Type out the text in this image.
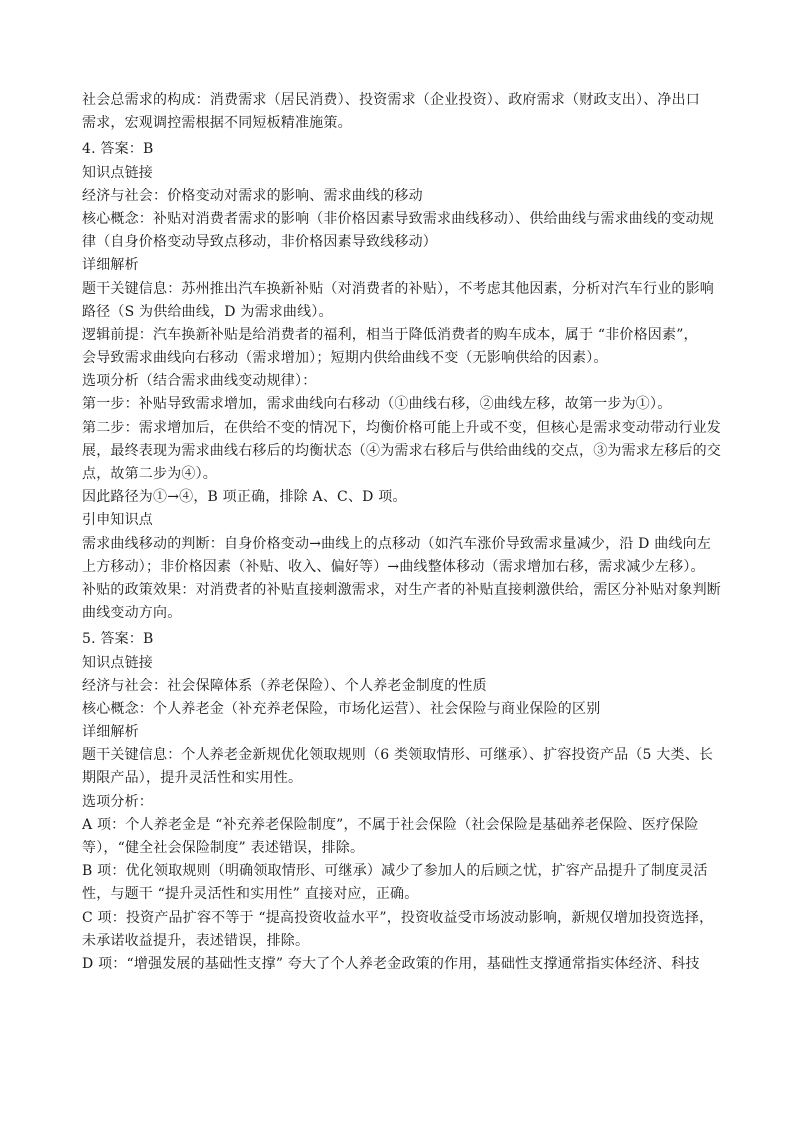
社会总需求的构成：消费需求（居民消费）、投资需求（企业投资）、政府需求（财政支出）、净出口
需求，宏观调控需根据不同短板精准施策。
4. 答案：B
知识点链接
经济与社会：价格变动对需求的影响、需求曲线的移动
核心概念：补贴对消费者需求的影响（非价格因素导致需求曲线移动）、供给曲线与需求曲线的变动规
律（自身价格变动导致点移动，非价格因素导致线移动）
详细解析
题干关键信息：苏州推出汽车换新补贴（对消费者的补贴），不考虑其他因素，分析对汽车行业的影响
路径（S 为供给曲线，D 为需求曲线）。
逻辑前提：汽车换新补贴是给消费者的福利，相当于降低消费者的购车成本，属于 “非价格因素”，
会导致需求曲线向右移动（需求增加）；短期内供给曲线不变（无影响供给的因素）。
选项分析（结合需求曲线变动规律）：
第一步：补贴导致需求增加，需求曲线向右移动（①曲线右移，②曲线左移，故第一步为①）。
第二步：需求增加后，在供给不变的情况下，均衡价格可能上升或不变，但核心是需求变动带动行业发
展，最终表现为需求曲线右移后的均衡状态（④为需求右移后与供给曲线的交点，③为需求左移后的交
点，故第二步为④）。
因此路径为①→④，B 项正确，排除 A、C、D 项。
引申知识点
需求曲线移动的判断：自身价格变动→曲线上的点移动（如汽车涨价导致需求量减少，沿 D 曲线向左
上方移动）；非价格因素（补贴、收入、偏好等）→曲线整体移动（需求增加右移，需求减少左移）。
补贴的政策效果：对消费者的补贴直接刺激需求，对生产者的补贴直接刺激供给，需区分补贴对象判断
曲线变动方向。
5. 答案：B
知识点链接
经济与社会：社会保障体系（养老保险）、个人养老金制度的性质
核心概念：个人养老金（补充养老保险，市场化运营）、社会保险与商业保险的区别
详细解析
题干关键信息：个人养老金新规优化领取规则（6 类领取情形、可继承）、扩容投资产品（5 大类、长
期限产品），提升灵活性和实用性。
选项分析：
A 项：个人养老金是 “补充养老保险制度”，不属于社会保险（社会保险是基础养老保险、医疗保险
等），“健全社会保险制度” 表述错误，排除。
B 项：优化领取规则（明确领取情形、可继承）减少了参加人的后顾之忧，扩容产品提升了制度灵活
性，与题干 “提升灵活性和实用性” 直接对应，正确。
C 项：投资产品扩容不等于 “提高投资收益水平”，投资收益受市场波动影响，新规仅增加投资选择，
未承诺收益提升，表述错误，排除。
D 项：“增强发展的基础性支撑” 夸大了个人养老金政策的作用，基础性支撑通常指实体经济、科技
